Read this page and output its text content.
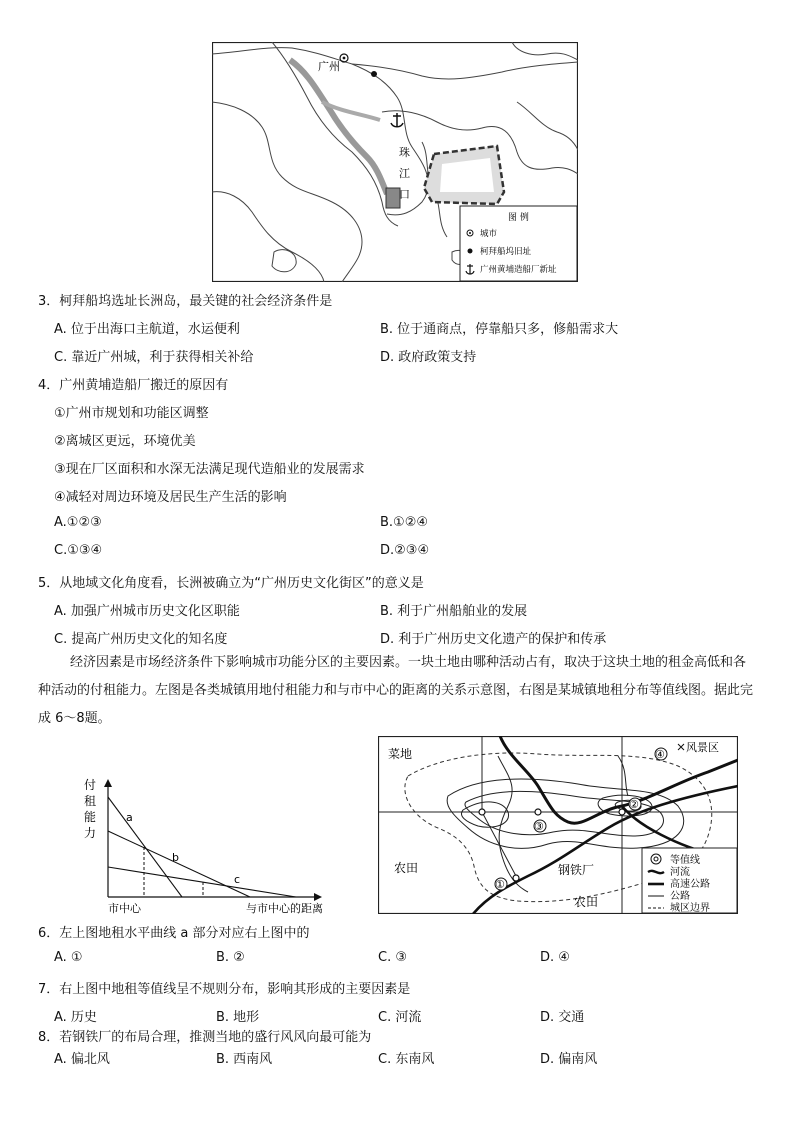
广州
珠
江
口
图 例
城市
柯拜船坞旧址
广州黄埔造船厂新址
3．柯拜船坞选址长洲岛，最关键的社会经济条件是
A. 位于出海口主航道，水运便利	B. 位于通商点，停靠船只多，修船需求大
C. 靠近广州城，利于获得相关补给	D. 政府政策支持
4．广州黄埔造船厂搬迁的原因有
①广州市规划和功能区调整
②离城区更远，环境优美
③现在厂区面积和水深无法满足现代造船业的发展需求
④减轻对周边环境及居民生产生活的影响
A.①②③	B.①②④
C.①③④	D.②③④
5．从地域文化角度看，长洲被确立为“广州历史文化街区”的意义是
A. 加强广州城市历史文化区职能	B. 利于广州船舶业的发展
C. 提高广州历史文化的知名度	D. 利于广州历史文化遗产的保护和传承
经济因素是市场经济条件下影响城市功能分区的主要因素。一块土地由哪种活动占有，取决于这块土地的租金高低和各种活动的付租能力。左图是各类城镇用地付租能力和与市中心的距离的关系示意图，右图是某城镇地租分布等值线图。据此完成 6～8题。
付 租 能 力
a
b
c
市中心	与市中心的距离
①
②
③
④
菜地
农田
农田
钢铁厂
风景区
等值线
河流
高速公路
公路
城区边界
6．左上图地租水平曲线 a 部分对应右上图中的
A. ①	B. ②	C. ③	D. ④
7．右上图中地租等值线呈不规则分布，影响其形成的主要因素是
A. 历史	B. 地形	C. 河流	D. 交通
8．若钢铁厂的布局合理，推测当地的盛行风风向最可能为
A. 偏北风	B. 西南风	C. 东南风	D. 偏南风
